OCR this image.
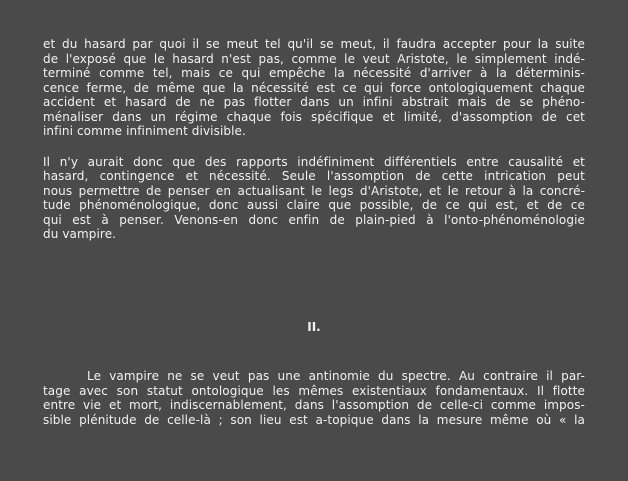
et du hasard par quoi il se meut tel qu'il se meut, il faudra accepter pour la suite
de l'exposé que le hasard n'est pas, comme le veut Aristote, le simplement indé-
terminé comme tel, mais ce qui empêche la nécessité d'arriver à la déterminis-
cence ferme, de même que la nécessité est ce qui force ontologiquement chaque
accident et hasard de ne pas flotter dans un infini abstrait mais de se phéno-
ménaliser dans un régime chaque fois spécifique et limité, d'assomption de cet
infini comme infiniment divisible.
Il n'y aurait donc que des rapports indéfiniment différentiels entre causalité et
hasard, contingence et nécessité. Seule l'assomption de cette intrication peut
nous permettre de penser en actualisant le legs d'Aristote, et le retour à la concré-
tude phénoménologique, donc aussi claire que possible, de ce qui est, et de ce
qui est à penser. Venons-en donc enfin de plain-pied à l'onto-phénoménologie
du vampire.
II.
Le vampire ne se veut pas une antinomie du spectre. Au contraire il par-
tage avec son statut ontologique les mêmes existentiaux fondamentaux. Il flotte
entre vie et mort, indiscernablement, dans l'assomption de celle-ci comme impos-
sible plénitude de celle-là ; son lieu est a-topique dans la mesure même où « la
